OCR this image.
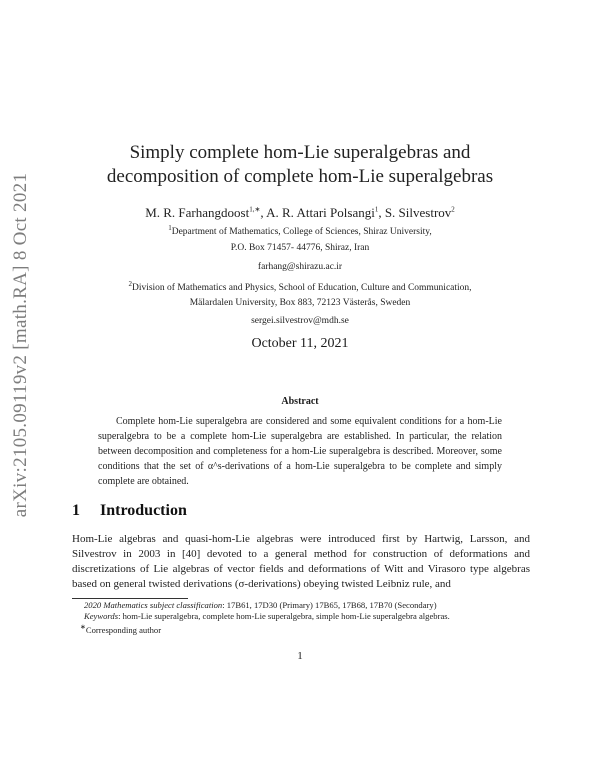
arXiv:2105.09119v2 [math.RA] 8 Oct 2021
Simply complete hom-Lie superalgebras and
decomposition of complete hom-Lie superalgebras
M. R. Farhangdoost$^{1,∗}$, A. R. Attari Polsangi$^1$, S. Silvestrov$^2$
$^1$Department of Mathematics, College of Sciences, Shiraz University,
P.O. Box 71457- 44776, Shiraz, Iran
farhang@shirazu.ac.ir
$^2$Division of Mathematics and Physics, School of Education, Culture and Communication,
Mälardalen University, Box 883, 72123 Västerås, Sweden
sergei.silvestrov@mdh.se
October 11, 2021
Abstract
Complete hom-Lie superalgebra are considered and some equivalent conditions for a hom-Lie superalgebra to be a complete hom-Lie superalgebra are established. In particular, the relation between decomposition and completeness for a hom-Lie superalgebra is described. Moreover, some conditions that the set of α^s-derivations of a hom-Lie superalgebra to be complete and simply complete are obtained.
1 Introduction
Hom-Lie algebras and quasi-hom-Lie algebras were introduced first by Hartwig, Larsson, and Silvestrov in 2003 in [40] devoted to a general method for construction of deformations and discretizations of Lie algebras of vector fields and deformations of Witt and Virasoro type algebras based on general twisted derivations (σ-derivations) obeying twisted Leibniz rule, and
2020 Mathematics subject classification: 17B61, 17D30 (Primary) 17B65, 17B68, 17B70 (Secondary)
Keywords: hom-Lie superalgebra, complete hom-Lie superalgebra, simple hom-Lie superalgebra algebras.
∗Corresponding author
1
